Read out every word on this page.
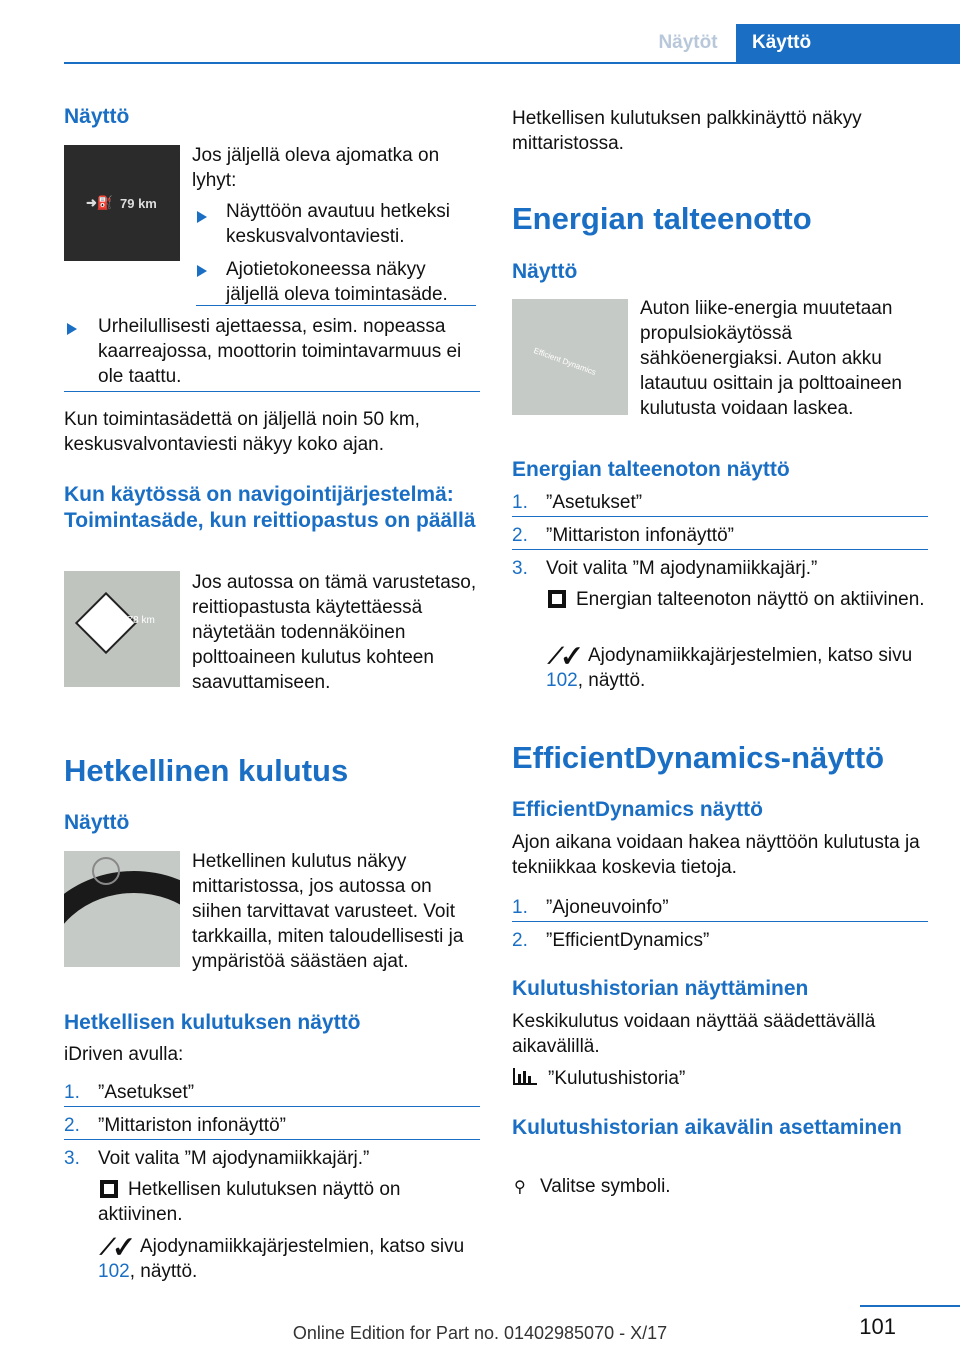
Näytöt	Käyttö
Näyttö
➜⛽ 79 km
Jos jäljellä oleva ajomatka on lyhyt:
Näyttöön avautuu hetkeksi keskusvalvontaviesti.
Ajotietokoneessa näkyy jäljellä oleva toimintasäde.
Urheilullisesti ajettaessa, esim. nopeassa kaarreajossa, moottorin toimintavarmuus ei ole taattu.
Kun toimintasädettä on jäljellä noin 50 km, keskusvalvontaviesti näkyy koko ajan.
Kun käytössä on navigointijärjestelmä: Toimintasäde, kun reittiopastus on päällä
378 km
Jos autossa on tämä varustetaso, reittiopastusta käytettäessä näytetään todennäköinen polttoaineen kulutus kohteen saavuttamiseen.
Hetkellinen kulutus
Näyttö
Hetkellinen kulutus näkyy mittaristossa, jos autossa on siihen tarvittavat varusteet. Voit tarkkailla, miten taloudellisesti ja ympäristöä säästäen ajat.
Hetkellisen kulutuksen näyttö
iDriven avulla:
1. ”Asetukset”
2. ”Mittariston infonäyttö”
3. Voit valita ”M ajodynamiikkajärj.”
Hetkellisen kulutuksen näyttö on aktiivinen.
⟋✓ Ajodynamiikkajärjestelmien, katso sivu 102, näyttö.
Hetkellisen kulutuksen palkkinäyttö näkyy mittaristossa.
Energian talteenotto
Näyttö
Efficient Dynamics
Auton liike-energia muutetaan propulsiokäytössä sähköenergiaksi. Auton akku latautuu osittain ja polttoaineen kulutusta voidaan laskea.
Energian talteenoton näyttö
1. ”Asetukset”
2. ”Mittariston infonäyttö”
3. Voit valita ”M ajodynamiikkajärj.”
Energian talteenoton näyttö on aktiivinen.
⟋✓ Ajodynamiikkajärjestelmien, katso sivu 102, näyttö.
EfficientDynamics-näyttö
EfficientDynamics näyttö
Ajon aikana voidaan hakea näyttöön kulutusta ja tekniikkaa koskevia tietoja.
1. ”Ajoneuvoinfo”
2. ”EfficientDynamics”
Kulutushistorian näyttäminen
Keskikulutus voidaan näyttää säädettävällä aikavälillä.
”Kulutushistoria”
Kulutushistorian aikavälin asettaminen
⚲ Valitse symboli.
101
Online Edition for Part no. 01402985070 - X/17
